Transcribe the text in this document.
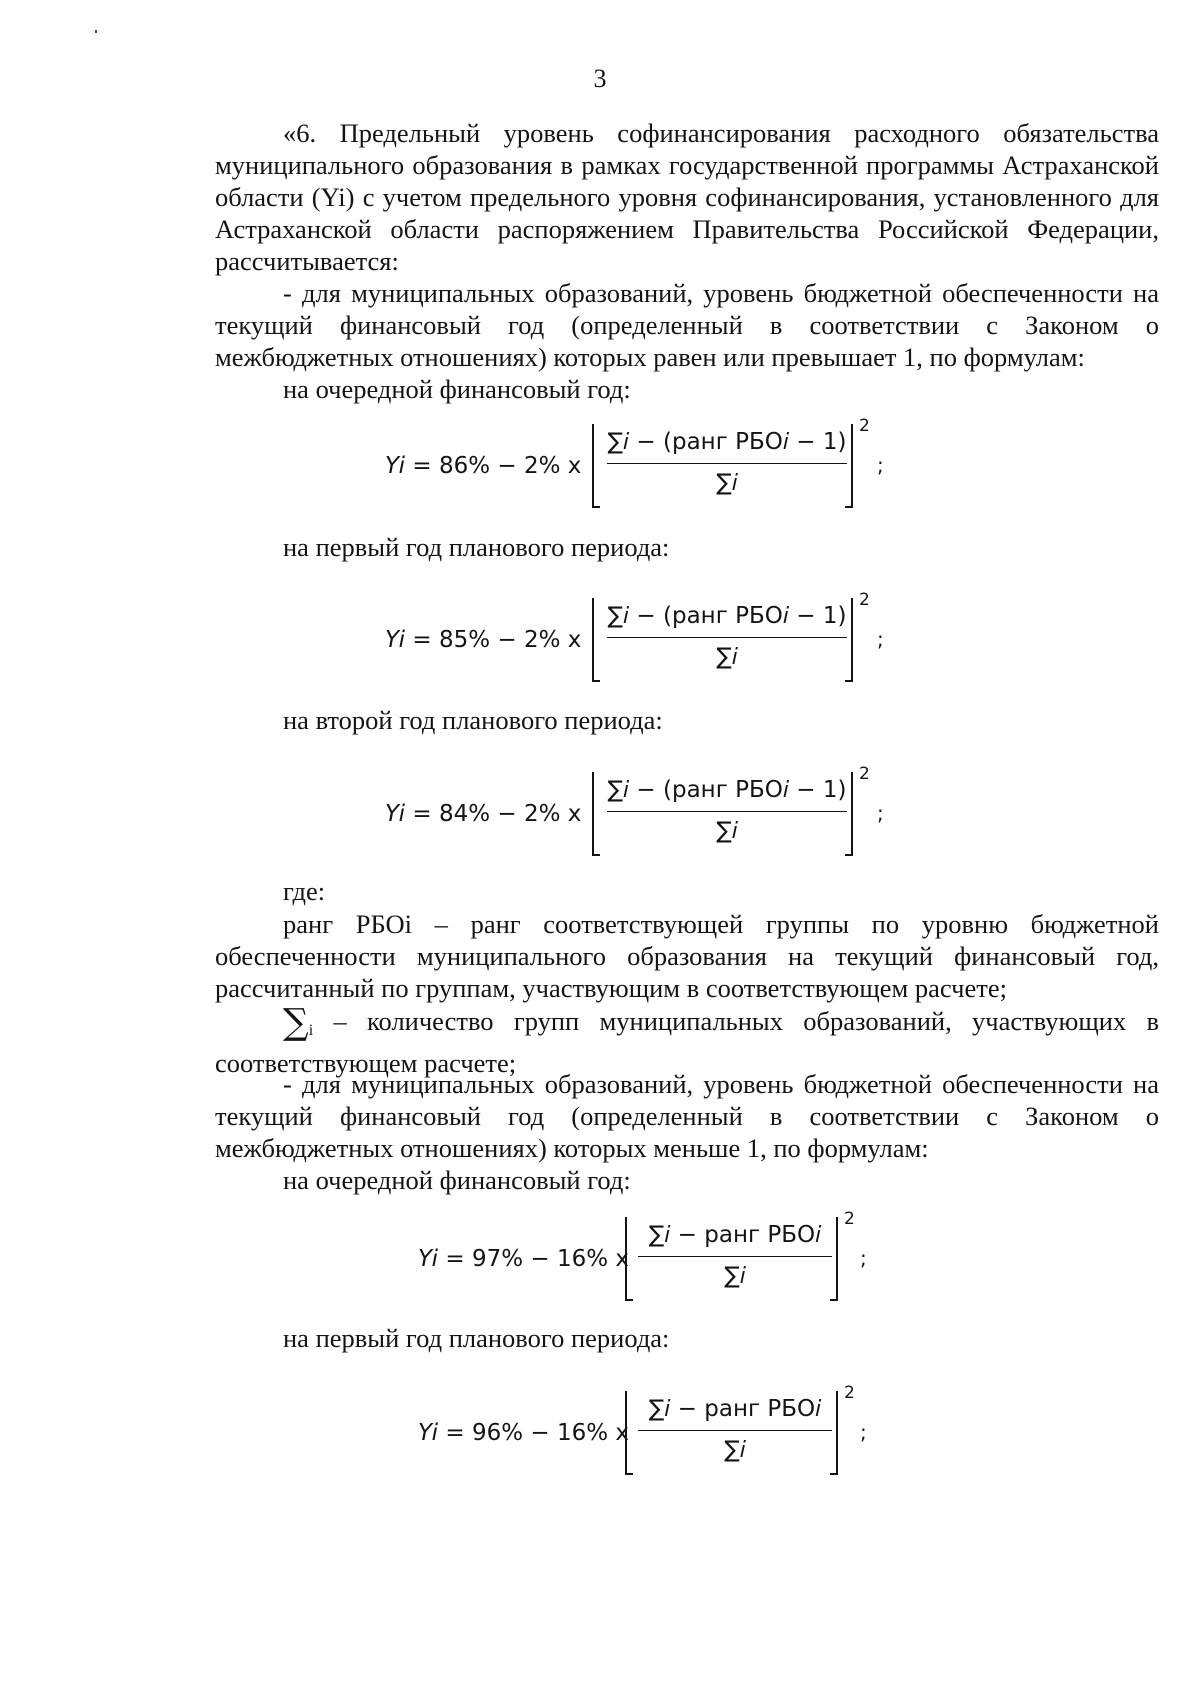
3

«6. Предельный уровень софинансирования расходного обязательства муниципального образования в рамках государственной программы Астраханской области (Yi) с учетом предельного уровня софинансирования, установленного для Астраханской области распоряжением Правительства Российской Федерации, рассчитывается:

- для муниципальных образований, уровень бюджетной обеспеченности на текущий финансовый год (определенный в соответствии с Законом о межбюджетных отношениях) которых равен или превышает 1, по формулам:

на очередной финансовый год:

Yi = 86% − 2% x
∑𝑖 − (ранг РБО𝑖 − 1)
∑𝑖
2
;

на первый год планового периода:

Yi = 85% − 2% x
∑𝑖 − (ранг РБО𝑖 − 1)
∑𝑖
2
;

на второй год планового периода:

Yi = 84% − 2% x
∑𝑖 − (ранг РБО𝑖 − 1)
∑𝑖
2
;

где:

ранг РБОi – ранг соответствующей группы по уровню бюджетной обеспеченности муниципального образования на текущий финансовый год, рассчитанный по группам, участвующим в соответствующем расчете;

∑i – количество групп муниципальных образований, участвующих в соответствующем расчете;

- для муниципальных образований, уровень бюджетной обеспеченности на текущий финансовый год (определенный в соответствии с Законом о межбюджетных отношениях) которых меньше 1, по формулам:

на очередной финансовый год:

Yi = 97% − 16% x
∑𝑖 − ранг РБО𝑖
∑𝑖
2
;

на первый год планового периода:

Yi = 96% − 16% x
∑𝑖 − ранг РБО𝑖
∑𝑖
2
;
